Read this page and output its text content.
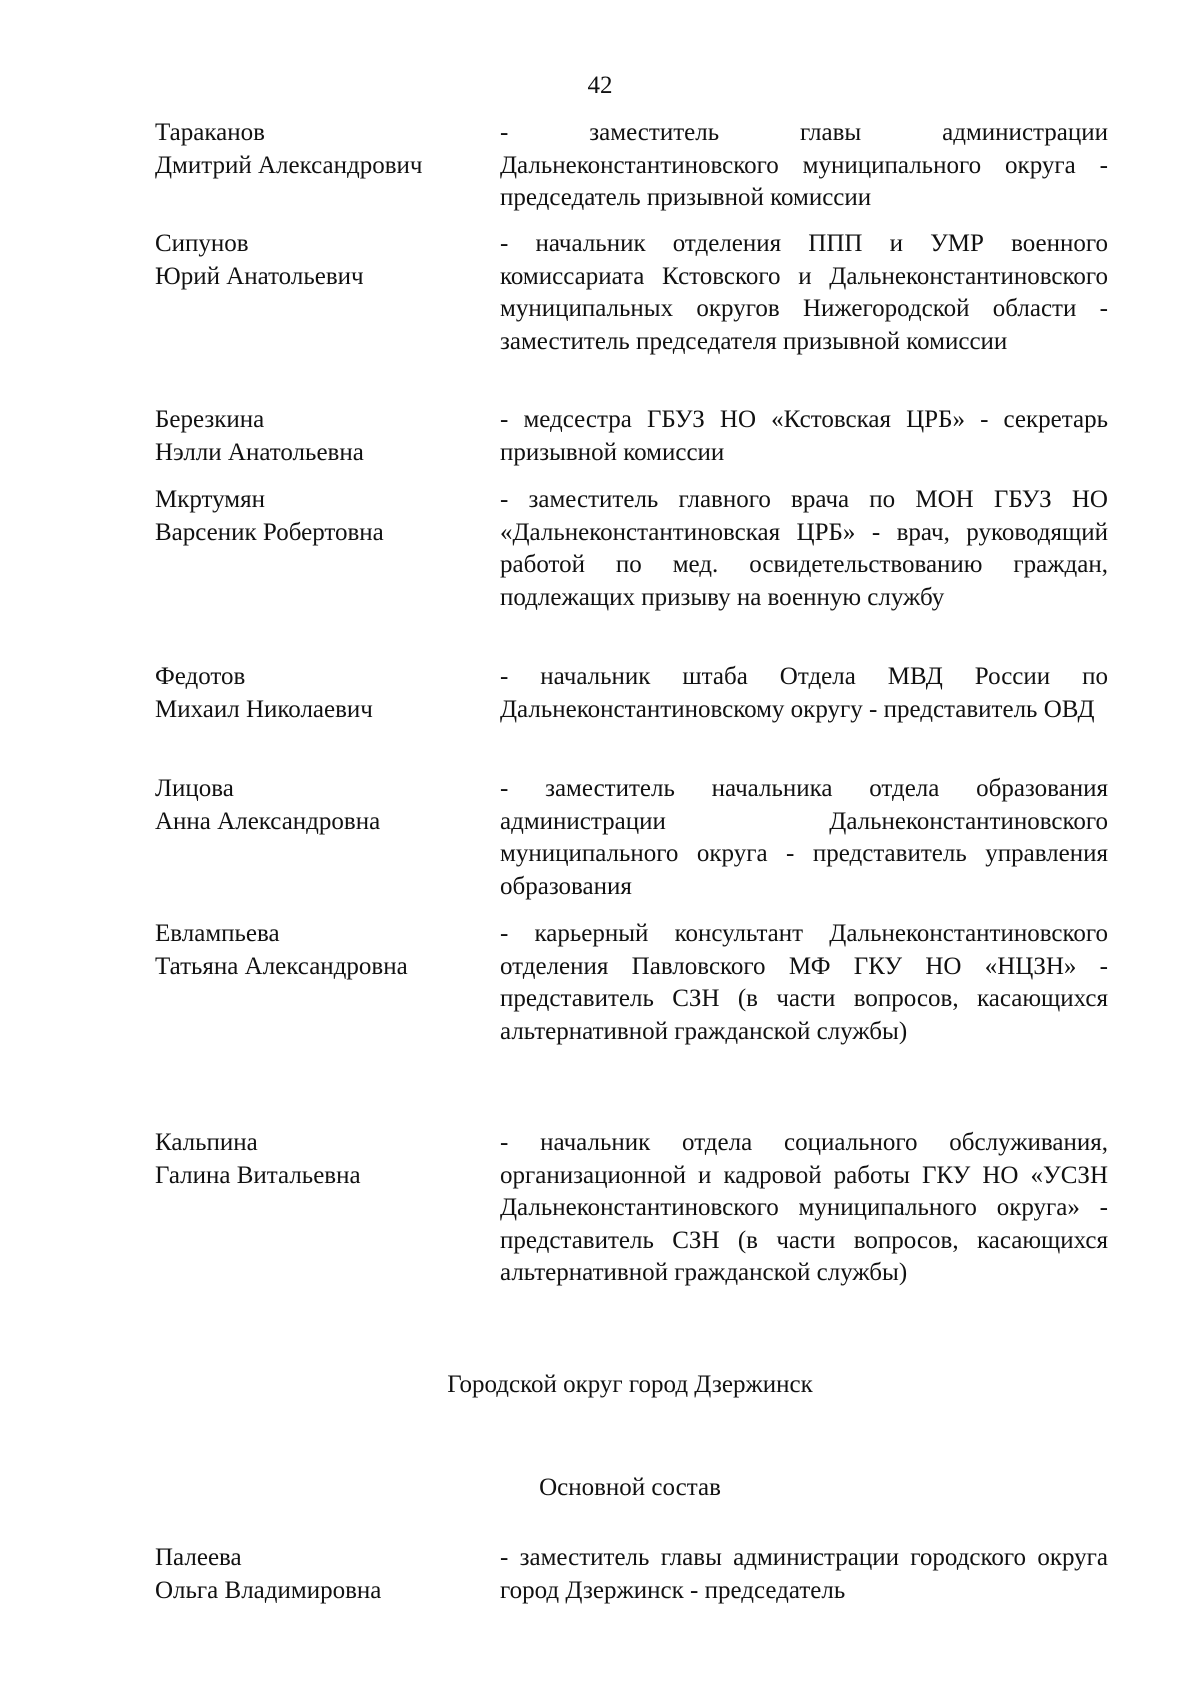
42
Тараканов
Дмитрий Александрович
- заместитель главы администрации Дальнеконстантиновского муниципального округа - председатель призывной комиссии
Сипунов
Юрий Анатольевич
- начальник отделения ППП и УМР военного комиссариата Кстовского и Дальнеконстантиновского муниципальных округов Нижегородской области - заместитель председателя призывной комиссии
Березкина
Нэлли Анатольевна
- медсестра ГБУЗ НО «Кстовская ЦРБ» - секретарь призывной комиссии
Мкртумян
Варсеник Робертовна
- заместитель главного врача по МОН ГБУЗ НО «Дальнеконстантиновская ЦРБ» - врач, руководящий работой по мед. освидетельствованию граждан, подлежащих призыву на военную службу
Федотов
Михаил Николаевич
- начальник штаба Отдела МВД России по Дальнеконстантиновскому округу - представитель ОВД
Лицова
Анна Александровна
- заместитель начальника отдела образования администрации Дальнеконстантиновского муниципального округа - представитель управления образования
Евлампьева
Татьяна Александровна
- карьерный консультант Дальнеконстантиновского отделения Павловского МФ ГКУ НО «НЦЗН» - представитель СЗН (в части вопросов, касающихся альтернативной гражданской службы)
Кальпина
Галина Витальевна
- начальник отдела социального обслуживания, организационной и кадровой работы ГКУ НО «УСЗН Дальнеконстантиновского муниципального округа» - представитель СЗН (в части вопросов, касающихся альтернативной гражданской службы)
Городской округ город Дзержинск
Основной состав
Палеева
Ольга Владимировна
- заместитель главы администрации городского округа город Дзержинск - председатель
